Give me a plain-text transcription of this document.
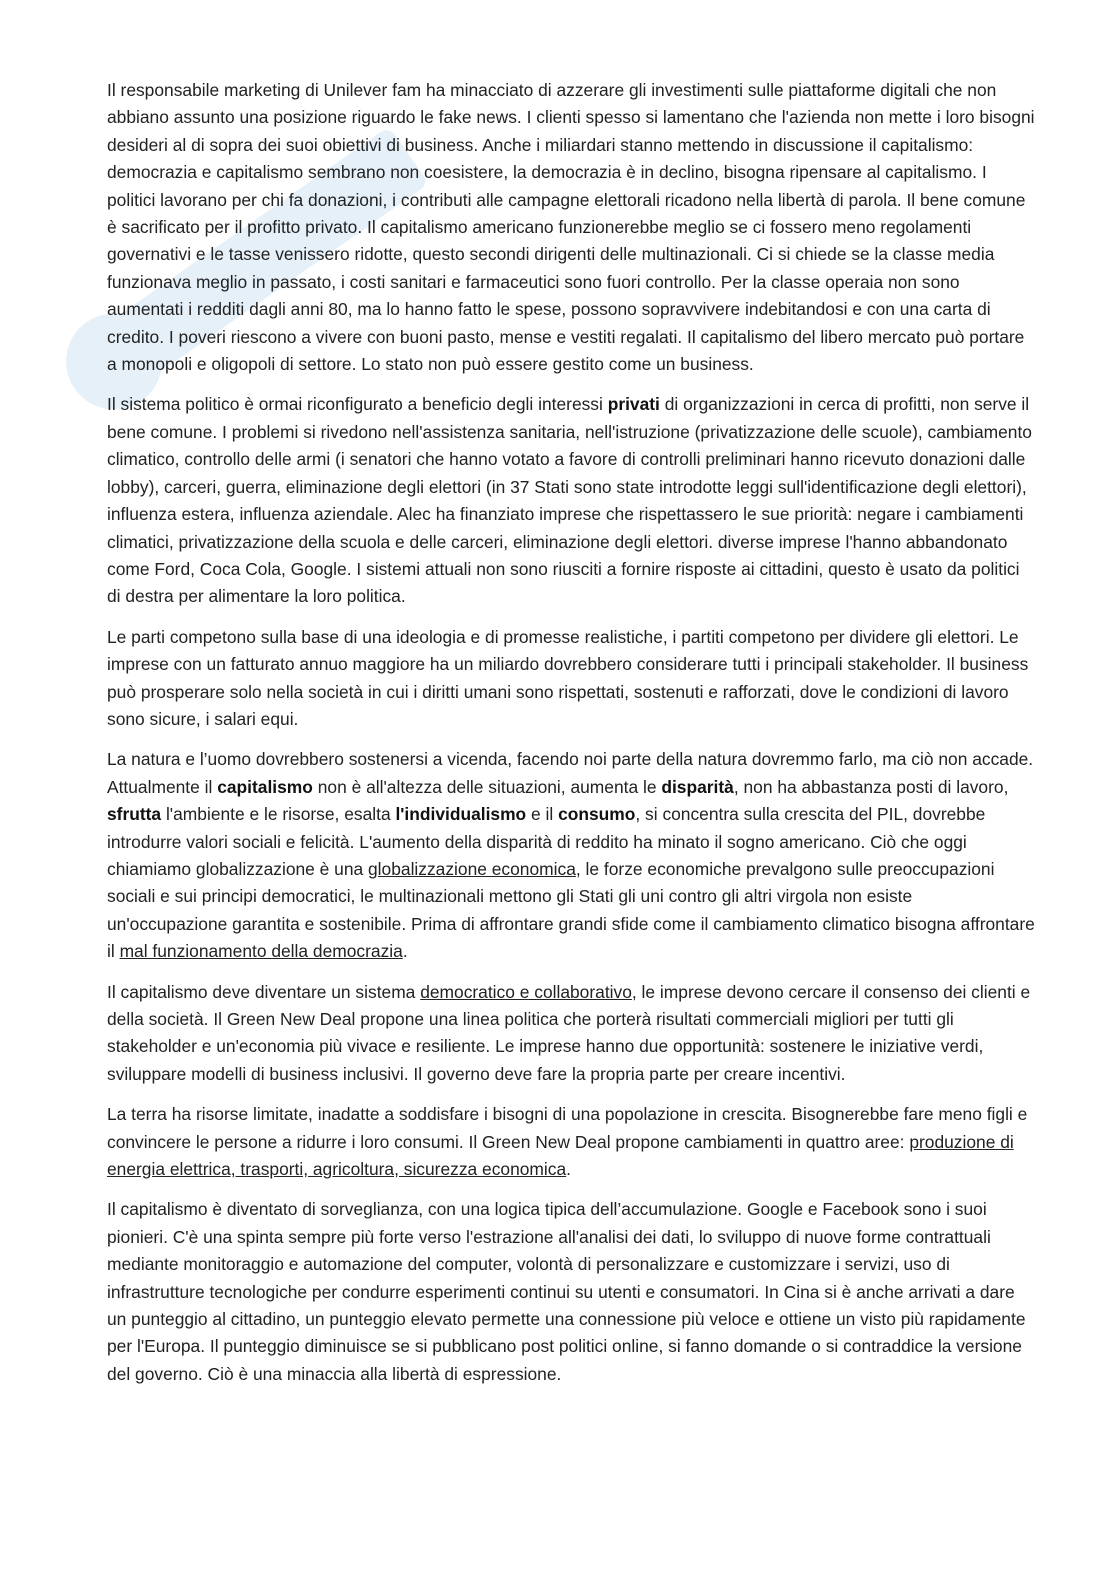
Il responsabile marketing di Unilever fam ha minacciato di azzerare gli investimenti sulle piattaforme digitali che non abbiano assunto una posizione riguardo le fake news. I clienti spesso si lamentano che l'azienda non mette i loro bisogni desideri al di sopra dei suoi obiettivi di business. Anche i miliardari stanno mettendo in discussione il capitalismo: democrazia e capitalismo sembrano non coesistere, la democrazia è in declino, bisogna ripensare al capitalismo. I politici lavorano per chi fa donazioni, i contributi alle campagne elettorali ricadono nella libertà di parola. Il bene comune è sacrificato per il profitto privato. Il capitalismo americano funzionerebbe meglio se ci fossero meno regolamenti governativi e le tasse venissero ridotte, questo secondi dirigenti delle multinazionali. Ci si chiede se la classe media funzionava meglio in passato, i costi sanitari e farmaceutici sono fuori controllo. Per la classe operaia non sono aumentati i redditi dagli anni 80, ma lo hanno fatto le spese, possono sopravvivere indebitandosi e con una carta di credito. I poveri riescono a vivere con buoni pasto, mense e vestiti regalati. Il capitalismo del libero mercato può portare a monopoli e oligopoli di settore. Lo stato non può essere gestito come un business.

Il sistema politico è ormai riconfigurato a beneficio degli interessi privati di organizzazioni in cerca di profitti, non serve il bene comune. I problemi si rivedono nell'assistenza sanitaria, nell'istruzione (privatizzazione delle scuole), cambiamento climatico, controllo delle armi (i senatori che hanno votato a favore di controlli preliminari hanno ricevuto donazioni dalle lobby), carceri, guerra, eliminazione degli elettori (in 37 Stati sono state introdotte leggi sull'identificazione degli elettori), influenza estera, influenza aziendale. Alec ha finanziato imprese che rispettassero le sue priorità: negare i cambiamenti climatici, privatizzazione della scuola e delle carceri, eliminazione degli elettori. diverse imprese l'hanno abbandonato come Ford, Coca Cola, Google. I sistemi attuali non sono riusciti a fornire risposte ai cittadini, questo è usato da politici di destra per alimentare la loro politica.

Le parti competono sulla base di una ideologia e di promesse realistiche, i partiti competono per dividere gli elettori. Le imprese con un fatturato annuo maggiore ha un miliardo dovrebbero considerare tutti i principali stakeholder. Il business può prosperare solo nella società in cui i diritti umani sono rispettati, sostenuti e rafforzati, dove le condizioni di lavoro sono sicure, i salari equi.

La natura e l’uomo dovrebbero sostenersi a vicenda, facendo noi parte della natura dovremmo farlo, ma ciò non accade. Attualmente il capitalismo non è all'altezza delle situazioni, aumenta le disparità, non ha abbastanza posti di lavoro, sfrutta l'ambiente e le risorse, esalta l'individualismo e il consumo, si concentra sulla crescita del PIL, dovrebbe introdurre valori sociali e felicità. L'aumento della disparità di reddito ha minato il sogno americano. Ciò che oggi chiamiamo globalizzazione è una globalizzazione economica, le forze economiche prevalgono sulle preoccupazioni sociali e sui principi democratici, le multinazionali mettono gli Stati gli uni contro gli altri virgola non esiste un'occupazione garantita e sostenibile. Prima di affrontare grandi sfide come il cambiamento climatico bisogna affrontare il mal funzionamento della democrazia.

Il capitalismo deve diventare un sistema democratico e collaborativo, le imprese devono cercare il consenso dei clienti e della società. Il Green New Deal propone una linea politica che porterà risultati commerciali migliori per tutti gli stakeholder e un'economia più vivace e resiliente. Le imprese hanno due opportunità: sostenere le iniziative verdi, sviluppare modelli di business inclusivi. Il governo deve fare la propria parte per creare incentivi.

La terra ha risorse limitate, inadatte a soddisfare i bisogni di una popolazione in crescita. Bisognerebbe fare meno figli e convincere le persone a ridurre i loro consumi. Il Green New Deal propone cambiamenti in quattro aree: produzione di energia elettrica, trasporti, agricoltura, sicurezza economica.

Il capitalismo è diventato di sorveglianza, con una logica tipica dell’accumulazione. Google e Facebook sono i suoi pionieri. C'è una spinta sempre più forte verso l'estrazione all'analisi dei dati, lo sviluppo di nuove forme contrattuali mediante monitoraggio e automazione del computer, volontà di personalizzare e customizzare i servizi, uso di infrastrutture tecnologiche per condurre esperimenti continui su utenti e consumatori. In Cina si è anche arrivati a dare un punteggio al cittadino, un punteggio elevato permette una connessione più veloce e ottiene un visto più rapidamente per l'Europa. Il punteggio diminuisce se si pubblicano post politici online, si fanno domande o si contraddice la versione del governo. Ciò è una minaccia alla libertà di espressione.
